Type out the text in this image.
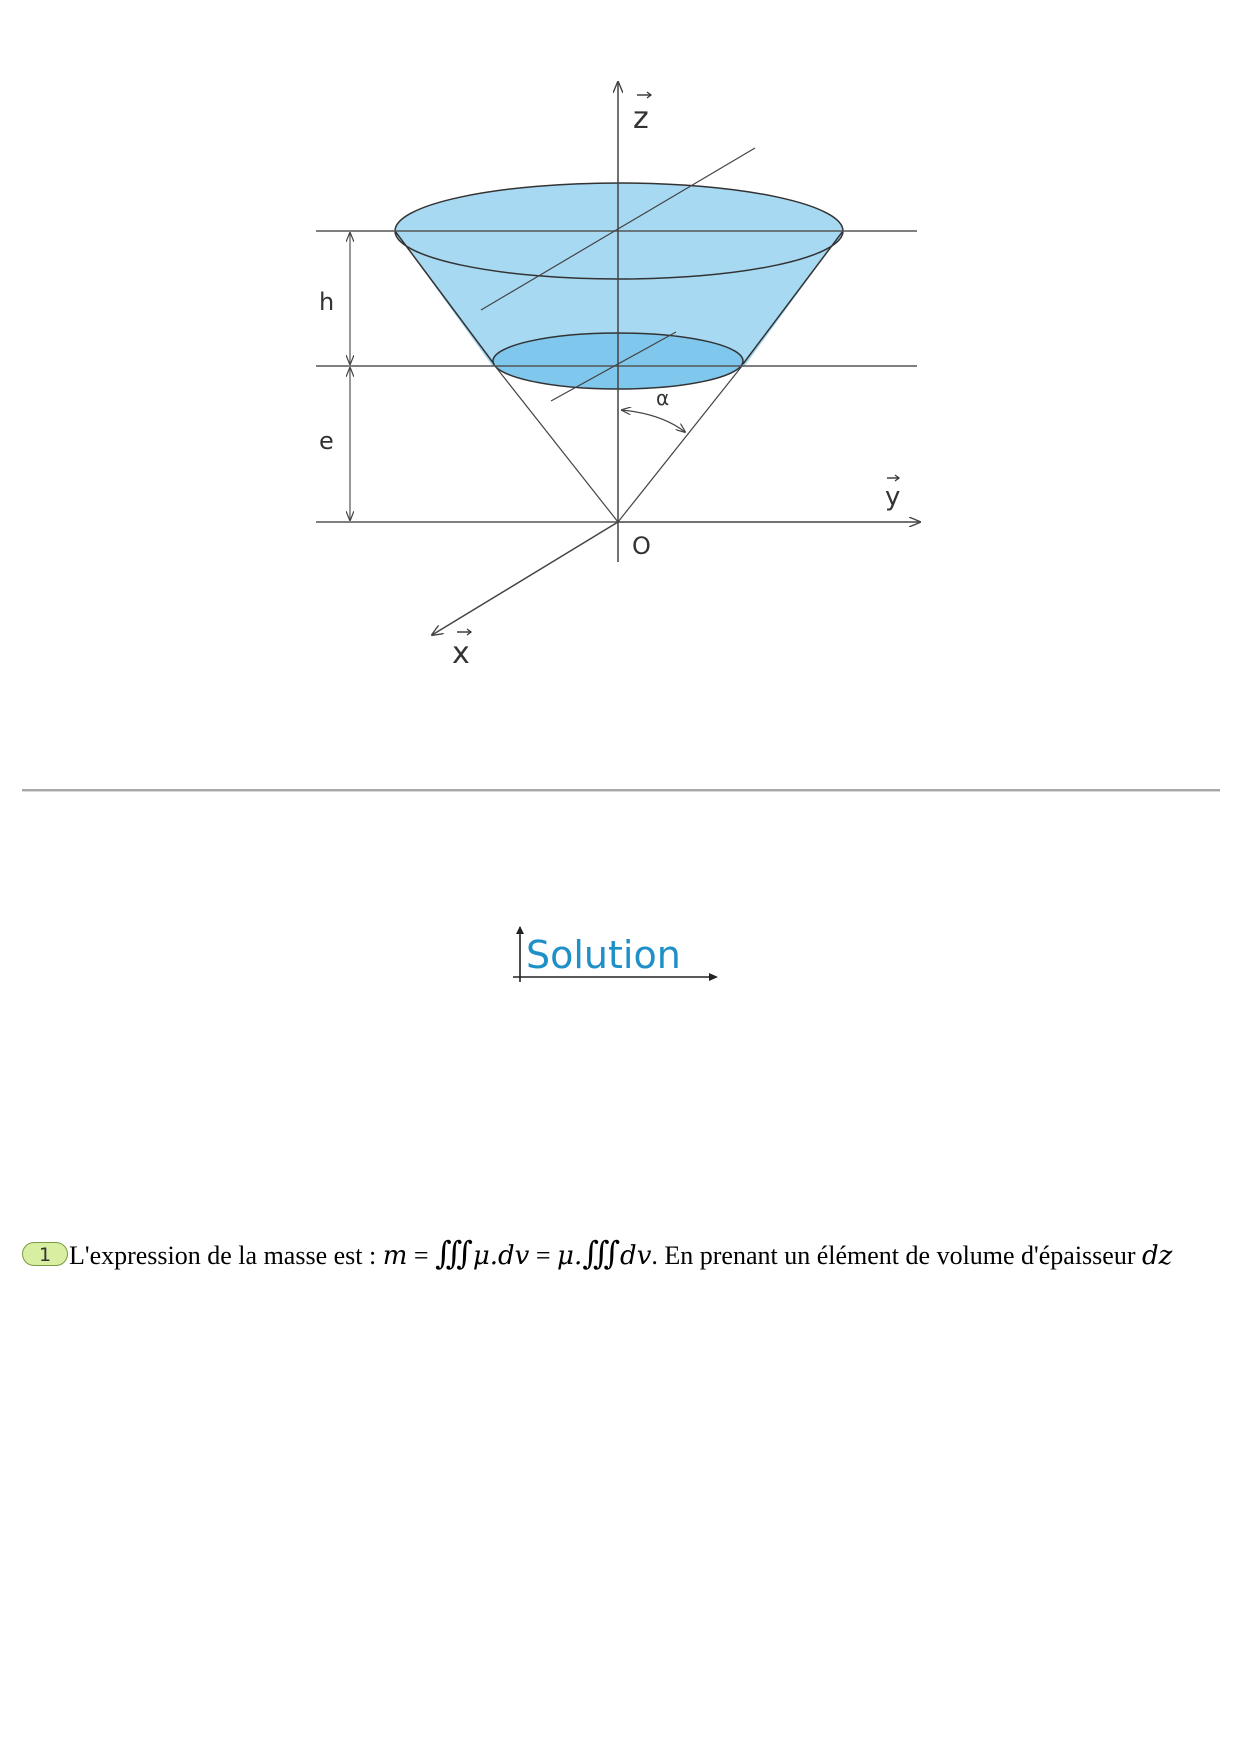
z
y
x
O
h
e
α
Solution
1 L'expression de la masse est : m = ∭ μ.dv = μ.∭ dv. En prenant un élément de volume d'épaisseur dz
